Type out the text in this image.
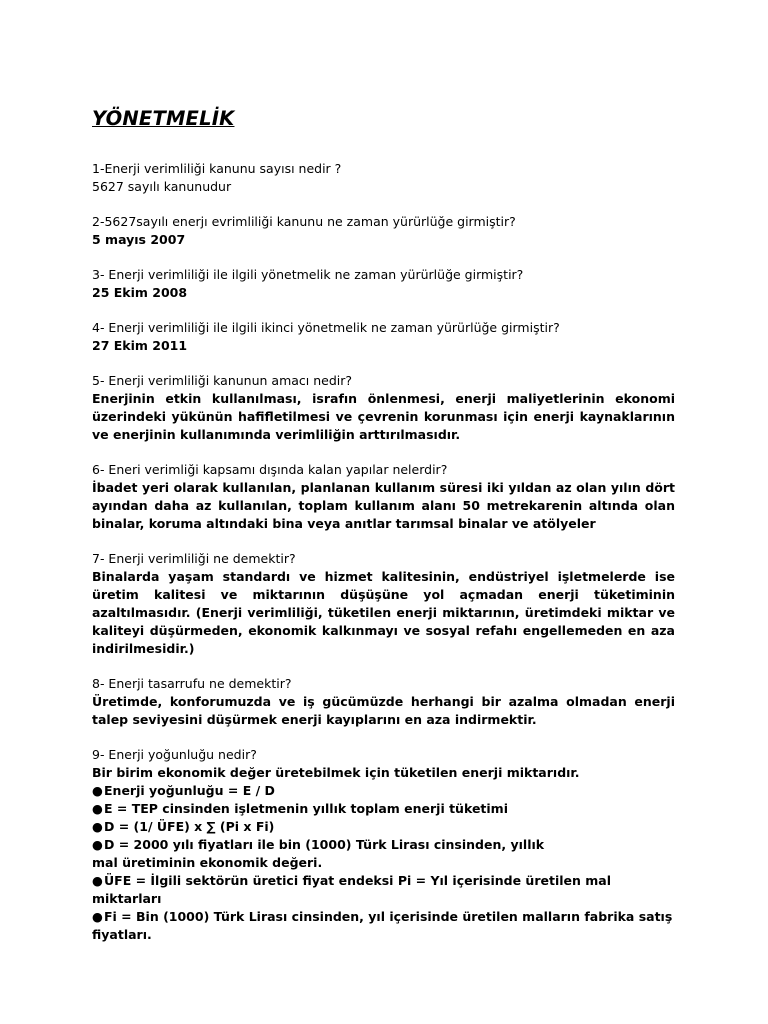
YÖNETMELİK

1-Enerji verimliliği kanunu sayısı nedir ?

5627 sayılı kanunudur

2-5627sayılı enerjı evrimliliği kanunu ne zaman yürürlüğe girmiştir?

5 mayıs 2007

3- Enerji verimliliği ile ilgili yönetmelik ne zaman yürürlüğe girmiştir?

25 Ekim 2008

4- Enerji verimliliği ile ilgili ikinci yönetmelik ne zaman yürürlüğe girmiştir?

27 Ekim 2011

5- Enerji verimliliği kanunun amacı nedir?

Enerjinin etkin kullanılması, israfın önlenmesi, enerji maliyetlerinin ekonomi üzerindeki yükünün hafifletilmesi ve çevrenin korunması için enerji kaynaklarının ve enerjinin kullanımında verimliliğin arttırılmasıdır.

6- Eneri verimliği kapsamı dışında kalan yapılar nelerdir?

İbadet yeri olarak kullanılan, planlanan kullanım süresi iki yıldan az olan yılın dört ayından daha az kullanılan, toplam kullanım alanı 50 metrekarenin altında olan binalar, koruma altındaki bina veya anıtlar tarımsal binalar ve atölyeler

7- Enerji verimliliği ne demektir?

Binalarda yaşam standardı ve hizmet kalitesinin, endüstriyel işletmelerde ise üretim kalitesi ve miktarının düşüşüne yol açmadan enerji tüketiminin azaltılmasıdır. (Enerji verimliliği, tüketilen enerji miktarının, üretimdeki miktar ve kaliteyi düşürmeden, ekonomik kalkınmayı ve sosyal refahı engellemeden en aza indirilmesidir.)

8- Enerji tasarrufu ne demektir?

Üretimde, konforumuzda ve iş gücümüzde herhangi bir azalma olmadan enerji talep seviyesini düşürmek enerji kayıplarını en aza indirmektir.

9- Enerji yoğunluğu nedir?

Bir birim ekonomik değer üretebilmek için tüketilen enerji miktarıdır.

●Enerji yoğunluğu = E / D
●E = TEP cinsinden işletmenin yıllık toplam enerji tüketimi
●D = (1/ ÜFE) x ∑ (Pi x Fi)
●D = 2000 yılı fiyatları ile bin (1000) Türk Lirası cinsinden, yıllık
mal üretiminin ekonomik değeri.
●ÜFE = İlgili sektörün üretici fiyat endeksi Pi = Yıl içerisinde üretilen mal miktarları
●Fi = Bin (1000) Türk Lirası cinsinden, yıl içerisinde üretilen malların fabrika satış fiyatları.
